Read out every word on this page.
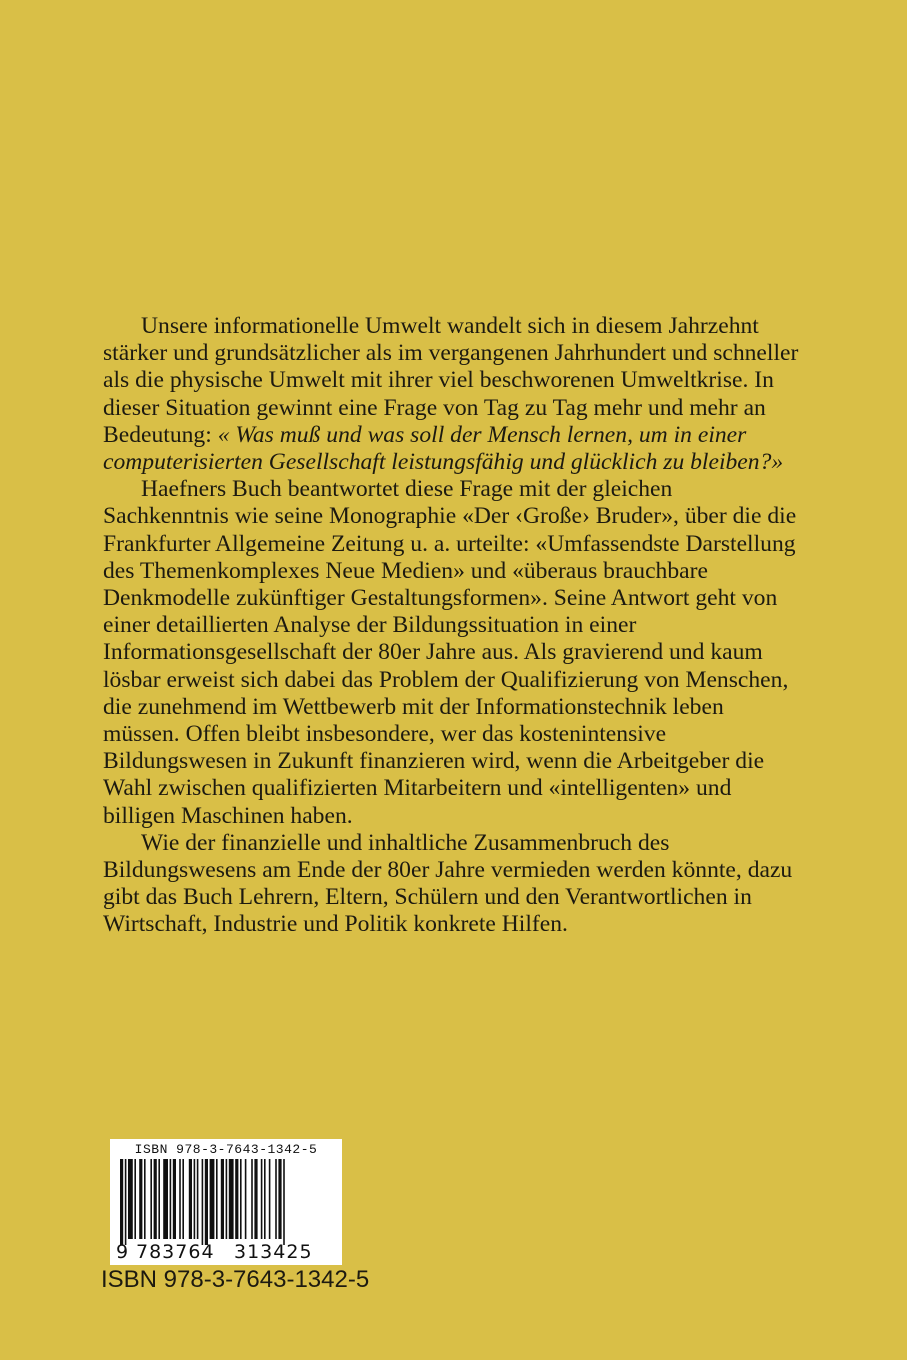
Unsere informationelle Umwelt wandelt sich in diesem Jahrzehnt stärker und grundsätzlicher als im vergangenen Jahrhundert und schneller als die physische Umwelt mit ihrer viel beschworenen Umweltkrise. In dieser Situation gewinnt eine Frage von Tag zu Tag mehr und mehr an Bedeutung: « Was muß und was soll der Mensch lernen, um in einer computerisierten Gesellschaft leistungsfähig und glücklich zu bleiben?»

Haefners Buch beantwortet diese Frage mit der gleichen Sachkenntnis wie seine Monographie «Der ‹Große› Bruder», über die die Frankfurter Allgemeine Zeitung u. a. urteilte: «Umfassendste Darstellung des Themenkomplexes Neue Medien» und «überaus brauchbare Denkmodelle zukünftiger Gestaltungsformen». Seine Antwort geht von einer detaillierten Analyse der Bildungssituation in einer Informationsgesellschaft der 80er Jahre aus. Als gravierend und kaum lösbar erweist sich dabei das Problem der Qualifizierung von Menschen, die zunehmend im Wettbewerb mit der Informationstechnik leben müssen. Offen bleibt insbesondere, wer das kostenintensive Bildungswesen in Zukunft finanzieren wird, wenn die Arbeitgeber die Wahl zwischen qualifizierten Mitarbeitern und «intelligenten» und billigen Maschinen haben.

Wie der finanzielle und inhaltliche Zusammenbruch des Bildungswesens am Ende der 80er Jahre vermieden werden könnte, dazu gibt das Buch Lehrern, Eltern, Schülern und den Verantwortlichen in Wirtschaft, Industrie und Politik konkrete Hilfen.

ISBN 978-3-7643-1342-5
9 783764 313425
ISBN 978-3-7643-1342-5
